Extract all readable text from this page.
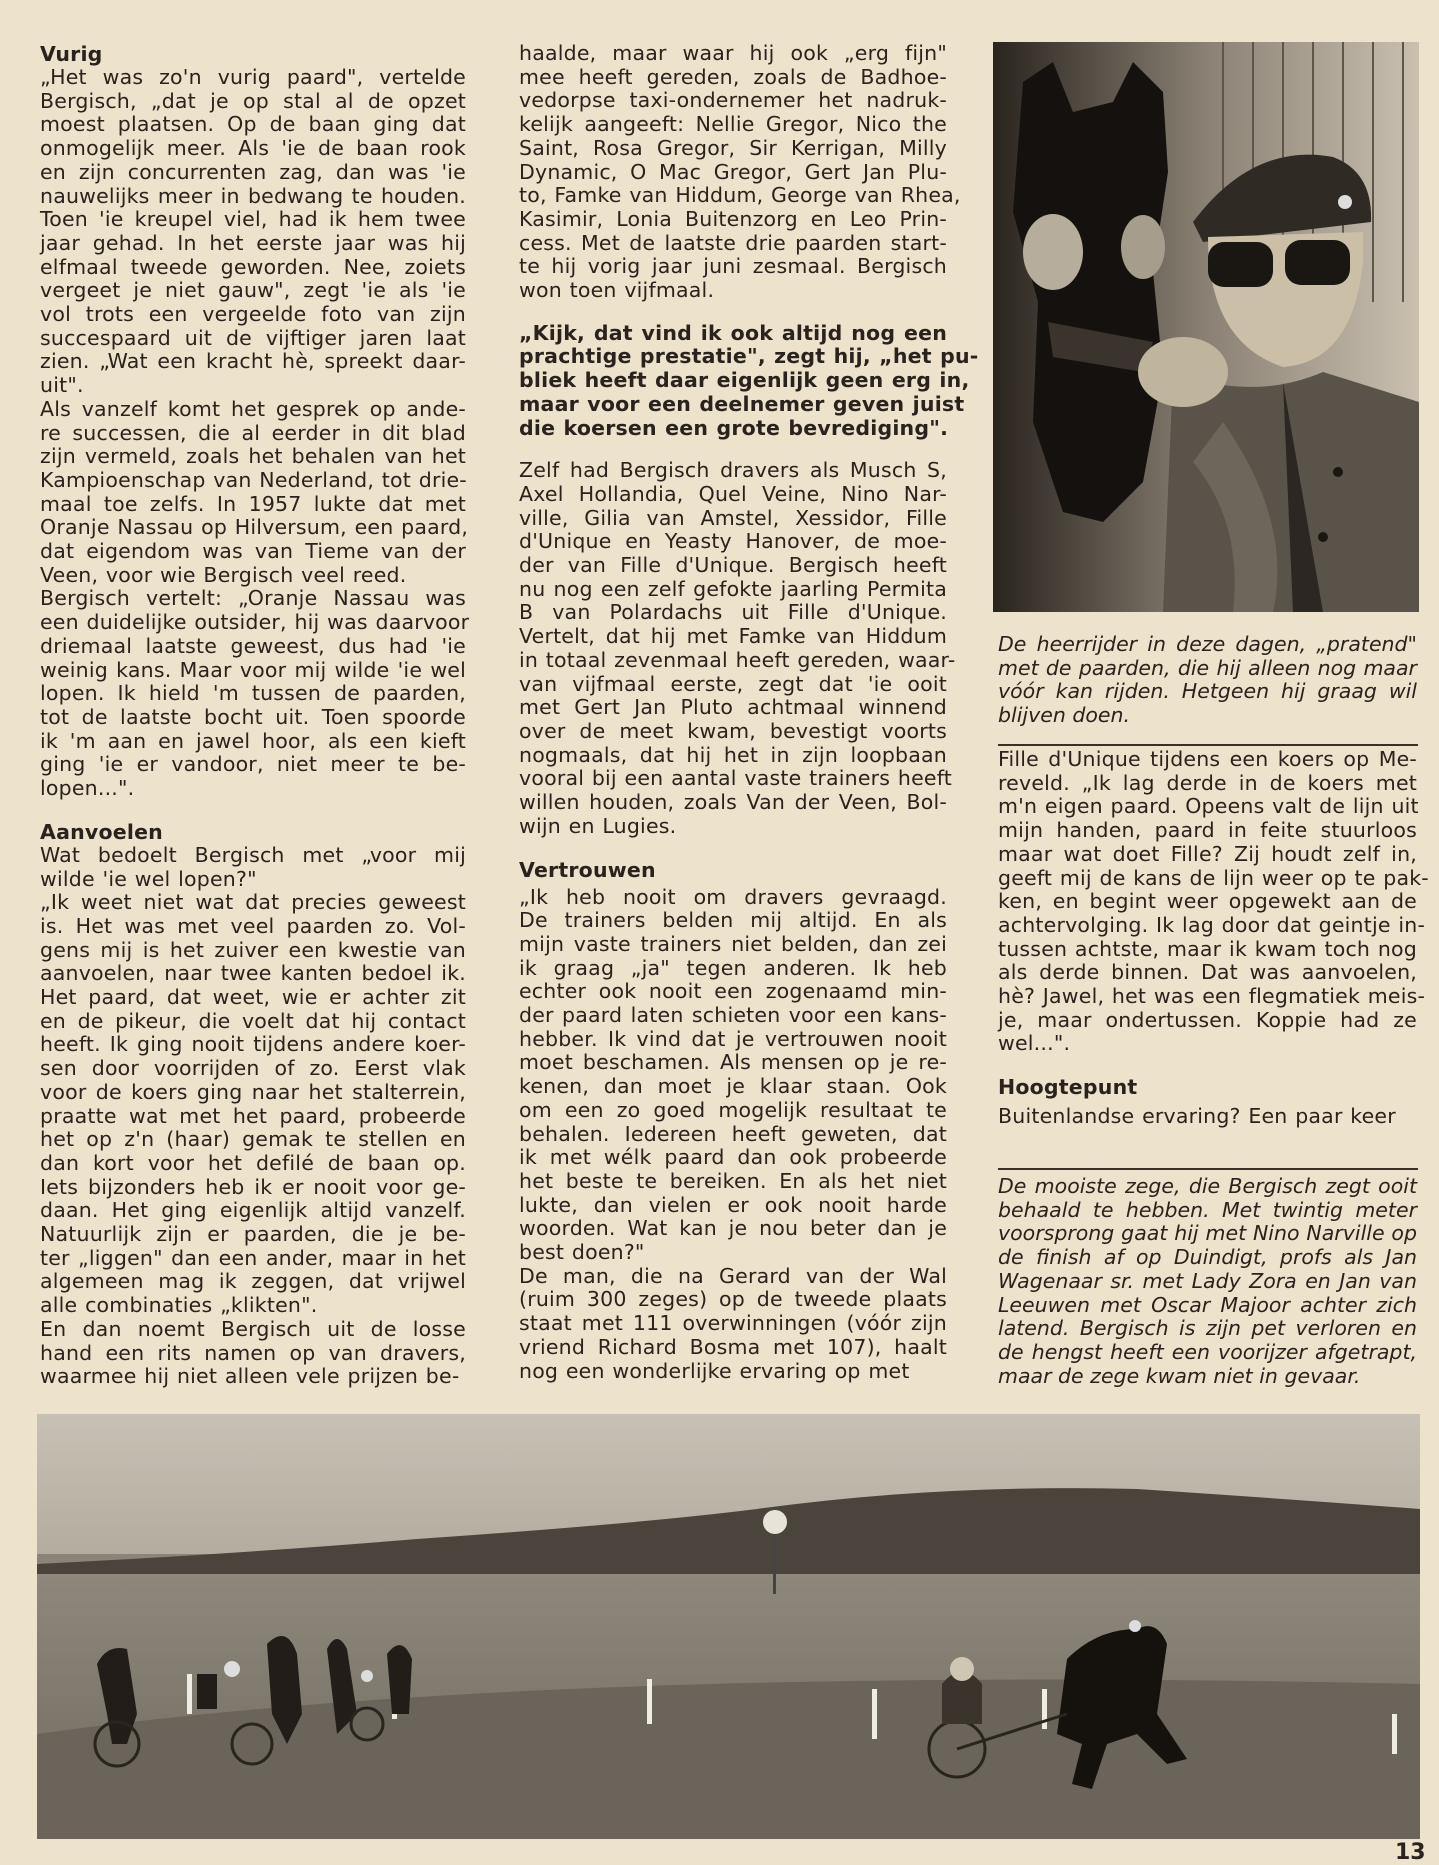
Vurig

„Het was zo'n vurig paard", vertelde
Bergisch, „dat je op stal al de opzet
moest plaatsen. Op de baan ging dat
onmogelijk meer. Als 'ie de baan rook
en zijn concurrenten zag, dan was 'ie
nauwelijks meer in bedwang te houden.
Toen 'ie kreupel viel, had ik hem twee
jaar gehad. In het eerste jaar was hij
elfmaal tweede geworden. Nee, zoiets
vergeet je niet gauw", zegt 'ie als 'ie
vol trots een vergeelde foto van zijn
succespaard uit de vijftiger jaren laat
zien. „Wat een kracht hè, spreekt daar-
uit".

Als vanzelf komt het gesprek op ande-
re successen, die al eerder in dit blad
zijn vermeld, zoals het behalen van het
Kampioenschap van Nederland, tot drie-
maal toe zelfs. In 1957 lukte dat met
Oranje Nassau op Hilversum, een paard,
dat eigendom was van Tieme van der
Veen, voor wie Bergisch veel reed.

Bergisch vertelt: „Oranje Nassau was
een duidelijke outsider, hij was daarvoor
driemaal laatste geweest, dus had 'ie
weinig kans. Maar voor mij wilde 'ie wel
lopen. Ik hield 'm tussen de paarden,
tot de laatste bocht uit. Toen spoorde
ik 'm aan en jawel hoor, als een kieft
ging 'ie er vandoor, niet meer te be-
lopen...".

Aanvoelen

Wat bedoelt Bergisch met „voor mij
wilde 'ie wel lopen?"

„Ik weet niet wat dat precies geweest
is. Het was met veel paarden zo. Vol-
gens mij is het zuiver een kwestie van
aanvoelen, naar twee kanten bedoel ik.
Het paard, dat weet, wie er achter zit
en de pikeur, die voelt dat hij contact
heeft. Ik ging nooit tijdens andere koer-
sen door voorrijden of zo. Eerst vlak
voor de koers ging naar het stalterrein,
praatte wat met het paard, probeerde
het op z'n (haar) gemak te stellen en
dan kort voor het defilé de baan op.
Iets bijzonders heb ik er nooit voor ge-
daan. Het ging eigenlijk altijd vanzelf.
Natuurlijk zijn er paarden, die je be-
ter „liggen" dan een ander, maar in het
algemeen mag ik zeggen, dat vrijwel
alle combinaties „klikten".

En dan noemt Bergisch uit de losse
hand een rits namen op van dravers,
waarmee hij niet alleen vele prijzen be-

haalde, maar waar hij ook „erg fijn"
mee heeft gereden, zoals de Badhoe-
vedorpse taxi-ondernemer het nadruk-
kelijk aangeeft: Nellie Gregor, Nico the
Saint, Rosa Gregor, Sir Kerrigan, Milly
Dynamic, O Mac Gregor, Gert Jan Plu-
to, Famke van Hiddum, George van Rhea,
Kasimir, Lonia Buitenzorg en Leo Prin-
cess. Met de laatste drie paarden start-
te hij vorig jaar juni zesmaal. Bergisch
won toen vijfmaal.

„Kijk, dat vind ik ook altijd nog een
prachtige prestatie", zegt hij, „het pu-
bliek heeft daar eigenlijk geen erg in,
maar voor een deelnemer geven juist
die koersen een grote bevrediging".

Zelf had Bergisch dravers als Musch S,
Axel Hollandia, Quel Veine, Nino Nar-
ville, Gilia van Amstel, Xessidor, Fille
d'Unique en Yeasty Hanover, de moe-
der van Fille d'Unique. Bergisch heeft
nu nog een zelf gefokte jaarling Permita
B van Polardachs uit Fille d'Unique.
Vertelt, dat hij met Famke van Hiddum
in totaal zevenmaal heeft gereden, waar-
van vijfmaal eerste, zegt dat 'ie ooit
met Gert Jan Pluto achtmaal winnend
over de meet kwam, bevestigt voorts
nogmaals, dat hij het in zijn loopbaan
vooral bij een aantal vaste trainers heeft
willen houden, zoals Van der Veen, Bol-
wijn en Lugies.

Vertrouwen

„Ik heb nooit om dravers gevraagd.
De trainers belden mij altijd. En als
mijn vaste trainers niet belden, dan zei
ik graag „ja" tegen anderen. Ik heb
echter ook nooit een zogenaamd min-
der paard laten schieten voor een kans-
hebber. Ik vind dat je vertrouwen nooit
moet beschamen. Als mensen op je re-
kenen, dan moet je klaar staan. Ook
om een zo goed mogelijk resultaat te
behalen. Iedereen heeft geweten, dat
ik met wélk paard dan ook probeerde
het beste te bereiken. En als het niet
lukte, dan vielen er ook nooit harde
woorden. Wat kan je nou beter dan je
best doen?"

De man, die na Gerard van der Wal
(ruim 300 zeges) op de tweede plaats
staat met 111 overwinningen (vóór zijn
vriend Richard Bosma met 107), haalt
nog een wonderlijke ervaring op met

De heerrijder in deze dagen, „pratend"
met de paarden, die hij alleen nog maar
vóór kan rijden. Hetgeen hij graag wil
blijven doen.

Fille d'Unique tijdens een koers op Me-
reveld. „Ik lag derde in de koers met
m'n eigen paard. Opeens valt de lijn uit
mijn handen, paard in feite stuurloos
maar wat doet Fille? Zij houdt zelf in,
geeft mij de kans de lijn weer op te pak-
ken, en begint weer opgewekt aan de
achtervolging. Ik lag door dat geintje in-
tussen achtste, maar ik kwam toch nog
als derde binnen. Dat was aanvoelen,
hè? Jawel, het was een flegmatiek meis-
je, maar ondertussen. Koppie had ze
wel...".

Hoogtepunt

Buitenlandse ervaring? Een paar keer

De mooiste zege, die Bergisch zegt ooit
behaald te hebben. Met twintig meter
voorsprong gaat hij met Nino Narville op
de finish af op Duindigt, profs als Jan
Wagenaar sr. met Lady Zora en Jan van
Leeuwen met Oscar Majoor achter zich
latend. Bergisch is zijn pet verloren en
de hengst heeft een voorijzer afgetrapt,
maar de zege kwam niet in gevaar.
13
